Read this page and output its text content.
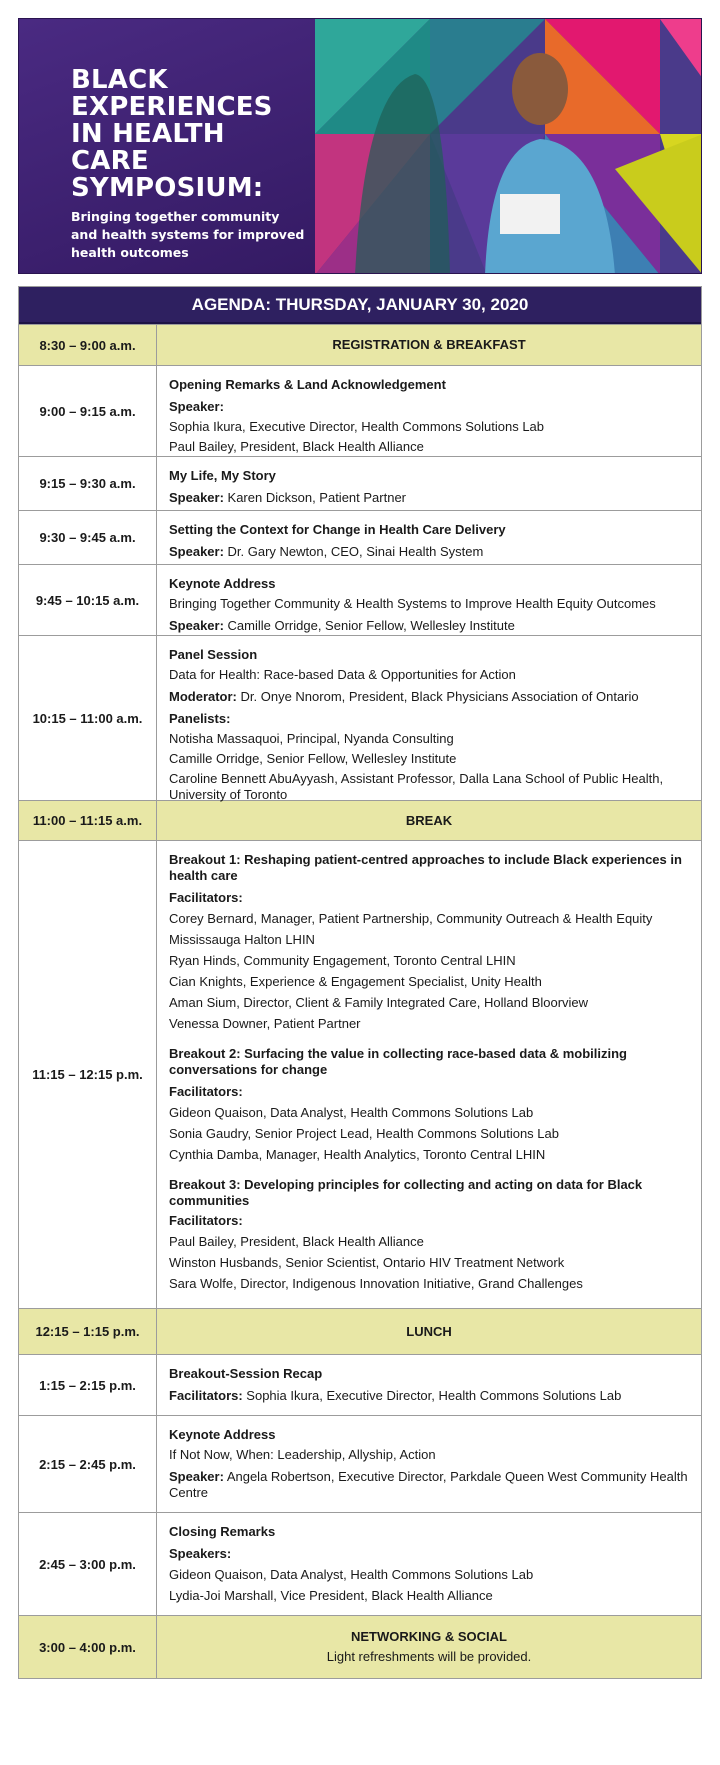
BLACK
EXPERIENCES
IN HEALTH
CARE
SYMPOSIUM:
Bringing together community
and health systems for improved
health outcomes
AGENDA: THURSDAY, JANUARY 30, 2020
8:30 – 9:00 a.m.	REGISTRATION & BREAKFAST
9:00 – 9:15 a.m.
Opening Remarks & Land Acknowledgement
Speaker:
Sophia Ikura, Executive Director, Health Commons Solutions Lab
Paul Bailey, President, Black Health Alliance
9:15 – 9:30 a.m.
My Life, My Story
Speaker: Karen Dickson, Patient Partner
9:30 – 9:45 a.m.
Setting the Context for Change in Health Care Delivery
Speaker: Dr. Gary Newton, CEO, Sinai Health System
9:45 – 10:15 a.m.
Keynote Address
Bringing Together Community & Health Systems to Improve Health Equity Outcomes
Speaker: Camille Orridge, Senior Fellow, Wellesley Institute
10:15 – 11:00 a.m.
Panel Session
Data for Health: Race-based Data & Opportunities for Action
Moderator: Dr. Onye Nnorom, President, Black Physicians Association of Ontario
Panelists:
Notisha Massaquoi, Principal, Nyanda Consulting
Camille Orridge, Senior Fellow, Wellesley Institute
Caroline Bennett AbuAyyash, Assistant Professor, Dalla Lana School of Public Health, University of Toronto
11:00 – 11:15 a.m.	BREAK
11:15 – 12:15 p.m.
Breakout 1: Reshaping patient-centred approaches to include Black experiences in health care
Facilitators:
Corey Bernard, Manager, Patient Partnership, Community Outreach & Health Equity
Mississauga Halton LHIN
Ryan Hinds, Community Engagement, Toronto Central LHIN
Cian Knights, Experience & Engagement Specialist, Unity Health
Aman Sium, Director, Client & Family Integrated Care, Holland Bloorview
Venessa Downer, Patient Partner
Breakout 2: Surfacing the value in collecting race-based data & mobilizing conversations for change
Facilitators:
Gideon Quaison, Data Analyst, Health Commons Solutions Lab
Sonia Gaudry, Senior Project Lead, Health Commons Solutions Lab
Cynthia Damba, Manager, Health Analytics, Toronto Central LHIN
Breakout 3: Developing principles for collecting and acting on data for Black communities
Facilitators:
Paul Bailey, President, Black Health Alliance
Winston Husbands, Senior Scientist, Ontario HIV Treatment Network
Sara Wolfe, Director, Indigenous Innovation Initiative, Grand Challenges
12:15 – 1:15 p.m.	LUNCH
1:15 – 2:15 p.m.
Breakout-Session Recap
Facilitators: Sophia Ikura, Executive Director, Health Commons Solutions Lab
2:15 – 2:45 p.m.
Keynote Address
If Not Now, When: Leadership, Allyship, Action
Speaker: Angela Robertson, Executive Director, Parkdale Queen West Community Health Centre
2:45 – 3:00 p.m.
Closing Remarks
Speakers:
Gideon Quaison, Data Analyst, Health Commons Solutions Lab
Lydia-Joi Marshall, Vice President, Black Health Alliance
3:00 – 4:00 p.m.
NETWORKING & SOCIAL
Light refreshments will be provided.
